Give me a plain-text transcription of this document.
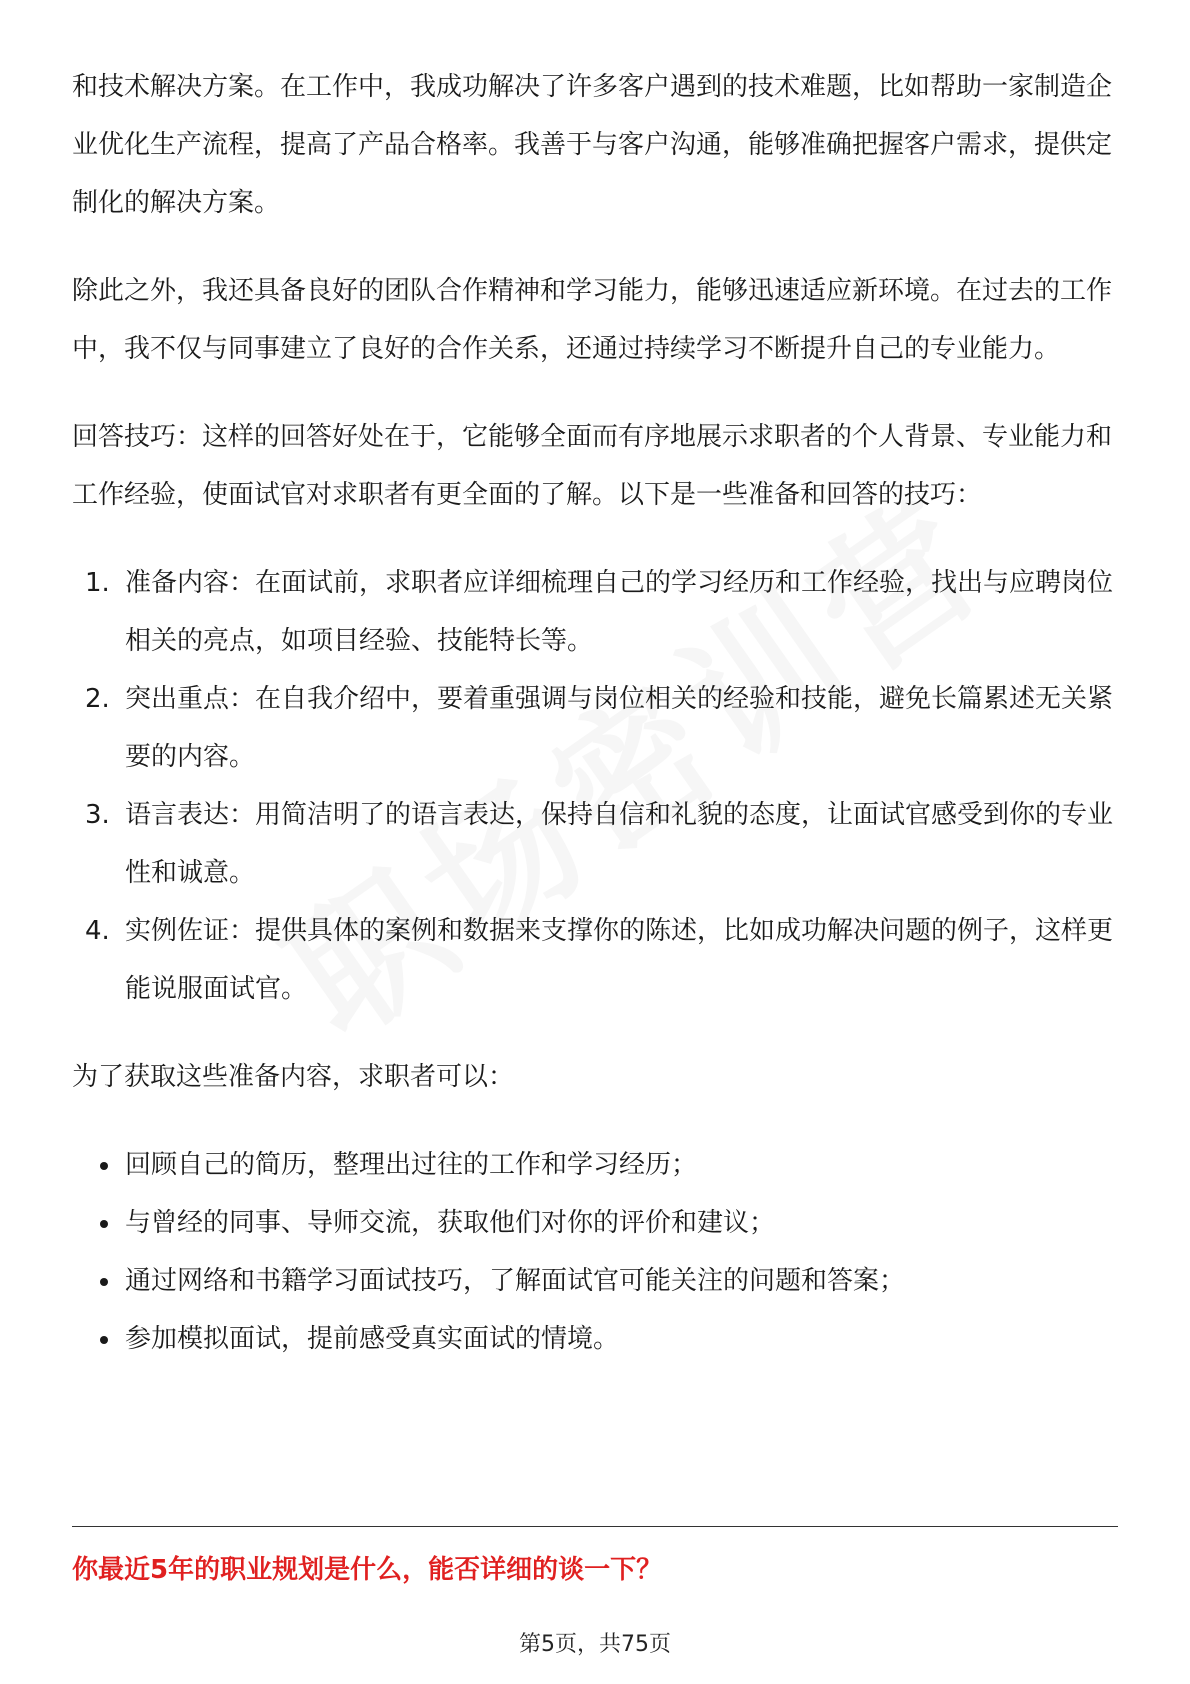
和技术解决方案。在工作中，我成功解决了许多客户遇到的技术难题，比如帮助一家制造企业优化生产流程，提高了产品合格率。我善于与客户沟通，能够准确把握客户需求，提供定制化的解决方案。

除此之外，我还具备良好的团队合作精神和学习能力，能够迅速适应新环境。在过去的工作中，我不仅与同事建立了良好的合作关系，还通过持续学习不断提升自己的专业能力。

回答技巧：这样的回答好处在于，它能够全面而有序地展示求职者的个人背景、专业能力和工作经验，使面试官对求职者有更全面的了解。以下是一些准备和回答的技巧：

1. 准备内容：在面试前，求职者应详细梳理自己的学习经历和工作经验，找出与应聘岗位相关的亮点，如项目经验、技能特长等。
2. 突出重点：在自我介绍中，要着重强调与岗位相关的经验和技能，避免长篇累述无关紧要的内容。
3. 语言表达：用简洁明了的语言表达，保持自信和礼貌的态度，让面试官感受到你的专业性和诚意。
4. 实例佐证：提供具体的案例和数据来支撑你的陈述，比如成功解决问题的例子，这样更能说服面试官。

为了获取这些准备内容，求职者可以：

回顾自己的简历，整理出过往的工作和学习经历；
与曾经的同事、导师交流，获取他们对你的评价和建议；
通过网络和书籍学习面试技巧，了解面试官可能关注的问题和答案；
参加模拟面试，提前感受真实面试的情境。
你最近5年的职业规划是什么，能否详细的谈一下？
第5页，共75页
